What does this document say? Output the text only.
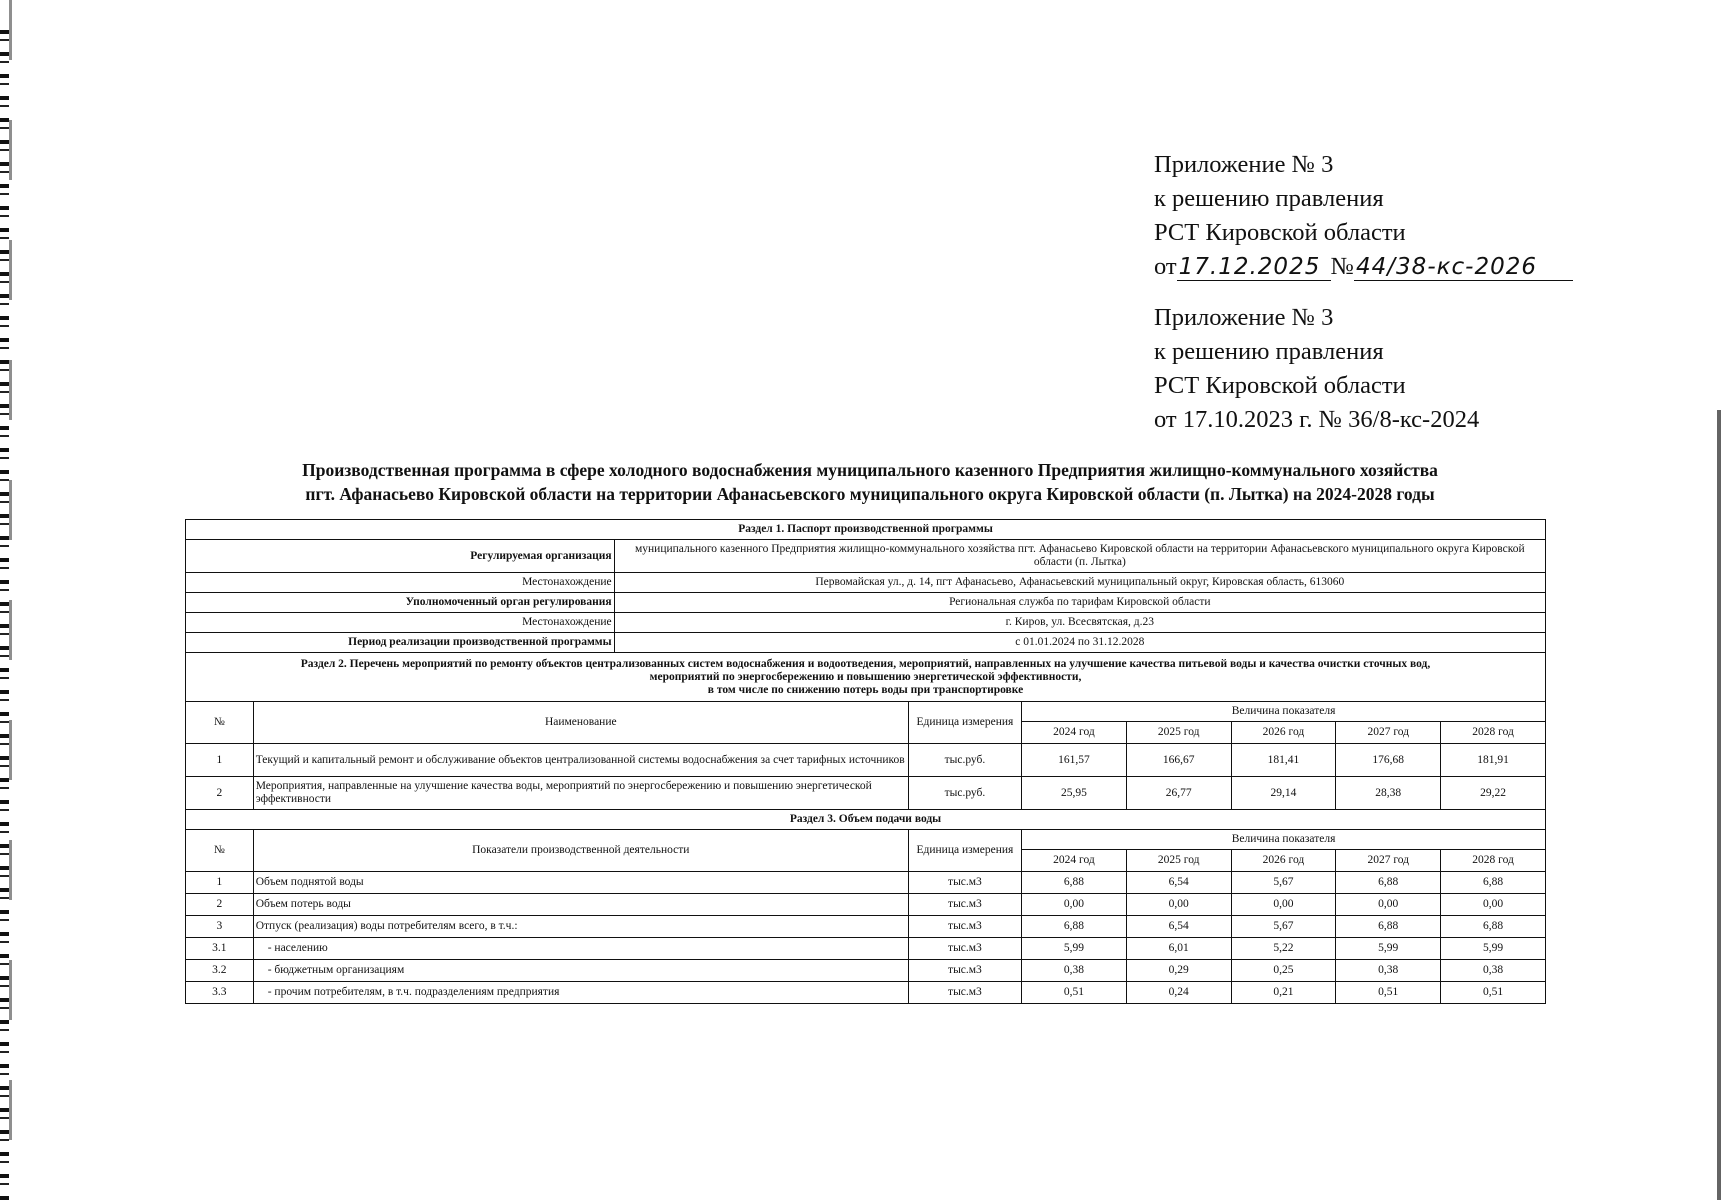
Приложение № 3
к решению правления
РСТ Кировской области
от17.12.2025 №44/38-кс-2026
Приложение № 3
к решению правления
РСТ Кировской области
от 17.10.2023 г. № 36/8-кс-2024
Производственная программа в сфере холодного водоснабжения муниципального казенного Предприятия жилищно-коммунального хозяйства
пгт. Афанасьево Кировской области на территории Афанасьевского муниципального округа Кировской области (п. Лытка) на 2024-2028 годы
Раздел 1. Паспорт производственной программы								
Регулируемая организация		муниципального казенного Предприятия жилищно-коммунального хозяйства пгт. Афанасьево Кировской области на территории Афанасьевского муниципального округа Кировской области (п. Лытка)						
Местонахождение		Первомайская ул., д. 14, пгт Афанасьево, Афанасьевский муниципальный округ, Кировская область, 613060						
Уполномоченный орган регулирования		Региональная служба по тарифам Кировской области						
Местонахождение		г. Киров, ул. Всесвятская, д.23						
Период реализации производственной программы		с 01.01.2024 по 31.12.2028						

Раздел 2. Перечень мероприятий по ремонту объектов централизованных систем водоснабжения и водоотведения, мероприятий, направленных на улучшение качества питьевой воды и качества очистки сточных вод,
мероприятий по энергосбережению и повышению энергетической эффективности,
в том числе по снижению потерь воды при транспортировке								

№	Наименование		Единица измерения	Величина показателя				
				2024 год	2025 год	2026 год	2027 год	2028 год
1	Текущий и капитальный ремонт и обслуживание объектов централизованной системы водоснабжения за счет тарифных источников		тыс.руб.	161,57	166,67	181,41	176,68	181,91
2	Мероприятия, направленные на улучшение качества воды, мероприятий по энергосбережению и повышению энергетической эффективности		тыс.руб.	25,95	26,77	29,14	28,38	29,22
Раздел 3. Объем подачи воды								
№	Показатели производственной деятельности		Единица измерения	Величина показателя				
				2024 год	2025 год	2026 год	2027 год	2028 год
1	Объем поднятой воды		тыс.м3	6,88	6,54	5,67	6,88	6,88
2	Объем потерь воды		тыс.м3	0,00	0,00	0,00	0,00	0,00
3	Отпуск (реализация) воды потребителям всего, в т.ч.:		тыс.м3	6,88	6,54	5,67	6,88	6,88
3.1	- населению		тыс.м3	5,99	6,01	5,22	5,99	5,99
3.2	- бюджетным организациям		тыс.м3	0,38	0,29	0,25	0,38	0,38
3.3	- прочим потребителям, в т.ч. подразделениям предприятия		тыс.м3	0,51	0,24	0,21	0,51	0,51
